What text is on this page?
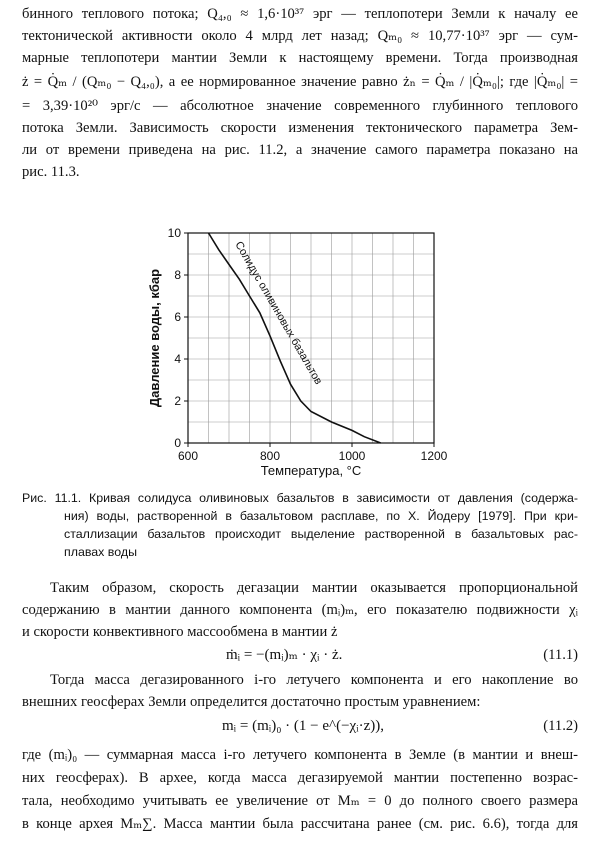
бинного теплового потока; Q₄,₀ ≈ 1,6·10³⁷ эрг — теплопотери Земли к началу ее
тектонической активности около 4 млрд лет назад; Qₘ₀ ≈ 10,77·10³⁷ эрг — сум-
марные теплопотери мантии Земли к настоящему времени. Тогда производная
ż = Q̇ₘ / (Qₘ₀ − Q₄,₀), а ее нормированное значение равно żₙ = Q̇ₘ / |Q̇ₘ₀|; где |Q̇ₘ₀| =
= 3,39·10²⁰ эрг/с — абсолютное значение современного глубинного теплового
потока Земли. Зависимость скорости изменения тектонического параметра Зем-
ли от времени приведена на рис. 11.2, а значение самого параметра показано на
рис. 11.3.
0
2
4
6
8
10
600	800	1000	1200
Солидус оливиновых базальтов
Температура, °C
Давление воды, кбар
Рис. 11.1. Кривая солидуса оливиновых базальтов в зависимости от давления (содержа-
ния) воды, растворенной в базальтовом расплаве, по Х. Йодеру [1979]. При кри-
сталлизации базальтов происходит выделение растворенной в базальтовых рас-
плавах воды
Таким образом, скорость дегазации мантии оказывается пропорциональной
содержанию в мантии данного компонента (mᵢ)ₘ, его показателю подвижности χᵢ
и скорости конвективного массообмена в мантии ż
ṁᵢ = −(mᵢ)ₘ · χᵢ · ż.	(11.1)
Тогда масса дегазированного i-го летучего компонента и его накопление во
внешних геосферах Земли определится достаточно простым уравнением:
mᵢ = (mᵢ)₀ · (1 − e^(−χᵢ·z)),	(11.2)
где (mᵢ)₀ — суммарная масса i-го летучего компонента в Земле (в мантии и внеш-
них геосферах). В архее, когда масса дегазируемой мантии постепенно возрас-
тала, необходимо учитывать ее увеличение от Mₘ = 0 до полного своего размера
в конце архея Mₘ∑. Масса мантии была рассчитана ранее (см. рис. 6.6), тогда для
